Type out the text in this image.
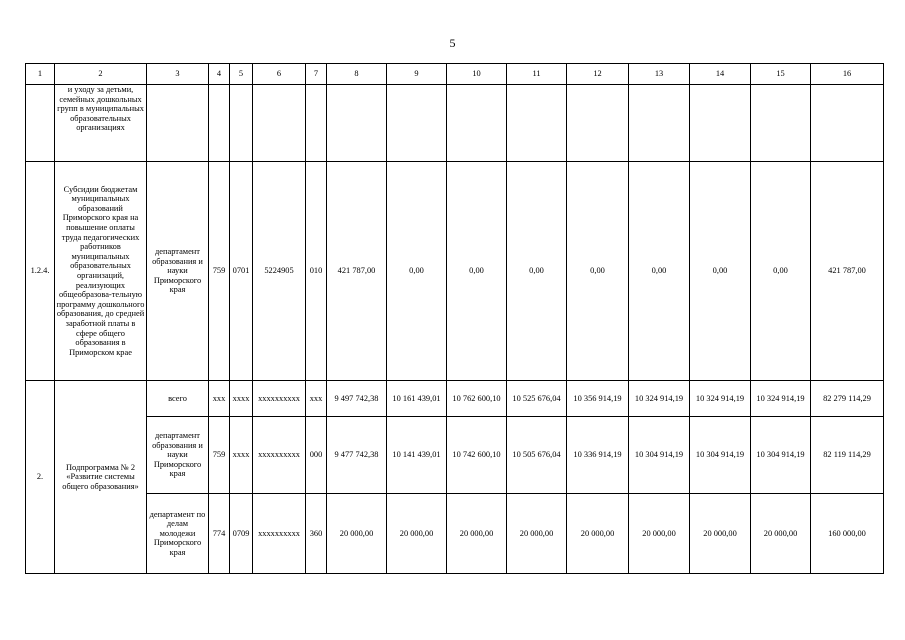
5
1	2	3	4	5	6	7	8	9	10	11	12	13	14	15	16

	и уходу за детьми, семейных дошкольных групп в муниципальных образовательных организациях														

1.2.4.	Субсидии бюджетам муниципальных образований Приморского края на повышение оплаты труда педагогических работников муниципальных образовательных организаций, реализующих общеобразова-тельную программу дошкольного образования, до средней заработной платы в сфере общего образования в Приморском крае	департамент образования и науки Приморского края	759	0701	5224905	010	421 787,00	0,00	0,00	0,00	0,00	0,00	0,00	0,00	421 787,00
2.	Подпрограмма № 2 «Развитие системы общего образования»	всего	xxx	xxxx	xxxxxxxxxx	xxx	9 497 742,38	10 161 439,01	10 762 600,10	10 525 676,04	10 356 914,19	10 324 914,19	10 324 914,19	10 324 914,19	82 279 114,29
		департамент образования и науки Приморского края	759	xxxx	xxxxxxxxxx	000	9 477 742,38	10 141 439,01	10 742 600,10	10 505 676,04	10 336 914,19	10 304 914,19	10 304 914,19	10 304 914,19	82 119 114,29
		департамент по делам молодежи Приморского края	774	0709	xxxxxxxxxx	360	20 000,00	20 000,00	20 000,00	20 000,00	20 000,00	20 000,00	20 000,00	20 000,00	160 000,00
